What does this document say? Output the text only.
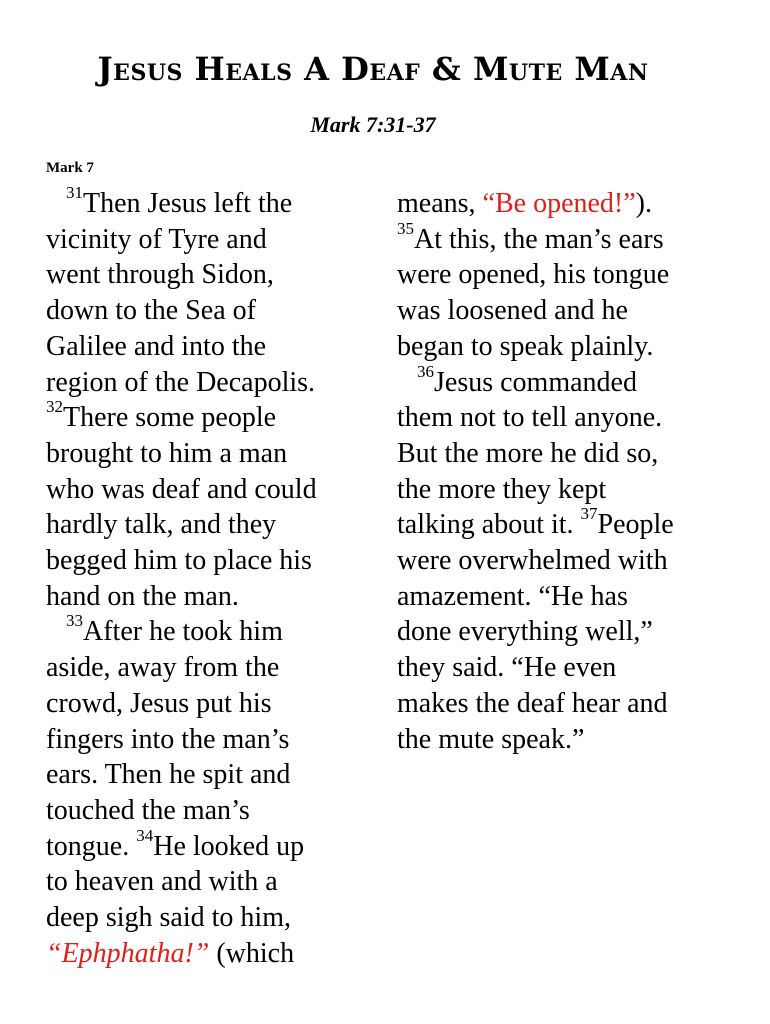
Jesus Heals A Deaf & Mute Man
Mark 7:31-37
Mark 7
$^{31}$Then Jesus left the
vicinity of Tyre and
went through Sidon,
down to the Sea of
Galilee and into the
region of the Decapolis.
$^{32}$There some people
brought to him a man
who was deaf and could
hardly talk, and they
begged him to place his
hand on the man.
$^{33}$After he took him
aside, away from the
crowd, Jesus put his
fingers into the man’s
ears. Then he spit and
touched the man’s
tongue. $^{34}$He looked up
to heaven and with a
deep sigh said to him,
“Ephphatha!” (which
means, “Be opened!”).
$^{35}$At this, the man’s ears
were opened, his tongue
was loosened and he
began to speak plainly.
$^{36}$Jesus commanded
them not to tell anyone.
But the more he did so,
the more they kept
talking about it. $^{37}$People
were overwhelmed with
amazement. “He has
done everything well,”
they said. “He even
makes the deaf hear and
the mute speak.”
